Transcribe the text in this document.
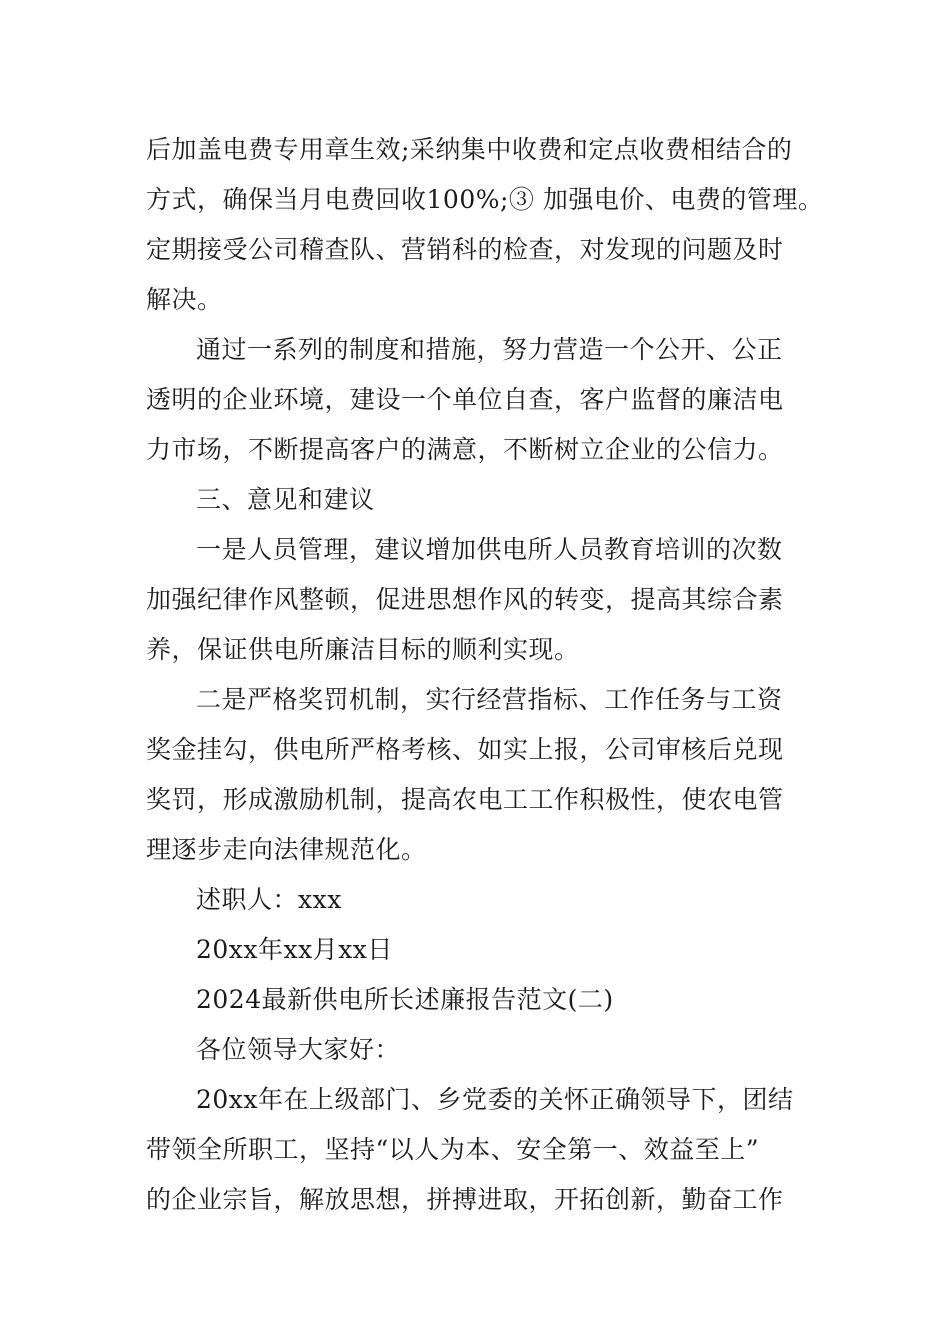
后加盖电费专用章生效;采纳集中收费和定点收费相结合的
方式，确保当月电费回收100%;③ 加强电价、电费的管理。
定期接受公司稽查队、营销科的检查，对发现的问题及时
解决。
通过一系列的制度和措施，努力营造一个公开、公正
透明的企业环境，建设一个单位自查，客户监督的廉洁电
力市场，不断提高客户的满意，不断树立企业的公信力。
三、意见和建议
一是人员管理，建议增加供电所人员教育培训的次数
加强纪律作风整顿，促进思想作风的转变，提高其综合素
养，保证供电所廉洁目标的顺利实现。
二是严格奖罚机制，实行经营指标、工作任务与工资
奖金挂勾，供电所严格考核、如实上报，公司审核后兑现
奖罚，形成激励机制，提高农电工工作积极性，使农电管
理逐步走向法律规范化。
述职人：xxx
20xx年xx月xx日
2024最新供电所长述廉报告范文(二)
各位领导大家好：
20xx年在上级部门、乡党委的关怀正确领导下，团结
带领全所职工，坚持“以人为本、安全第一、效益至上”
的企业宗旨，解放思想，拼搏进取，开拓创新，勤奋工作
